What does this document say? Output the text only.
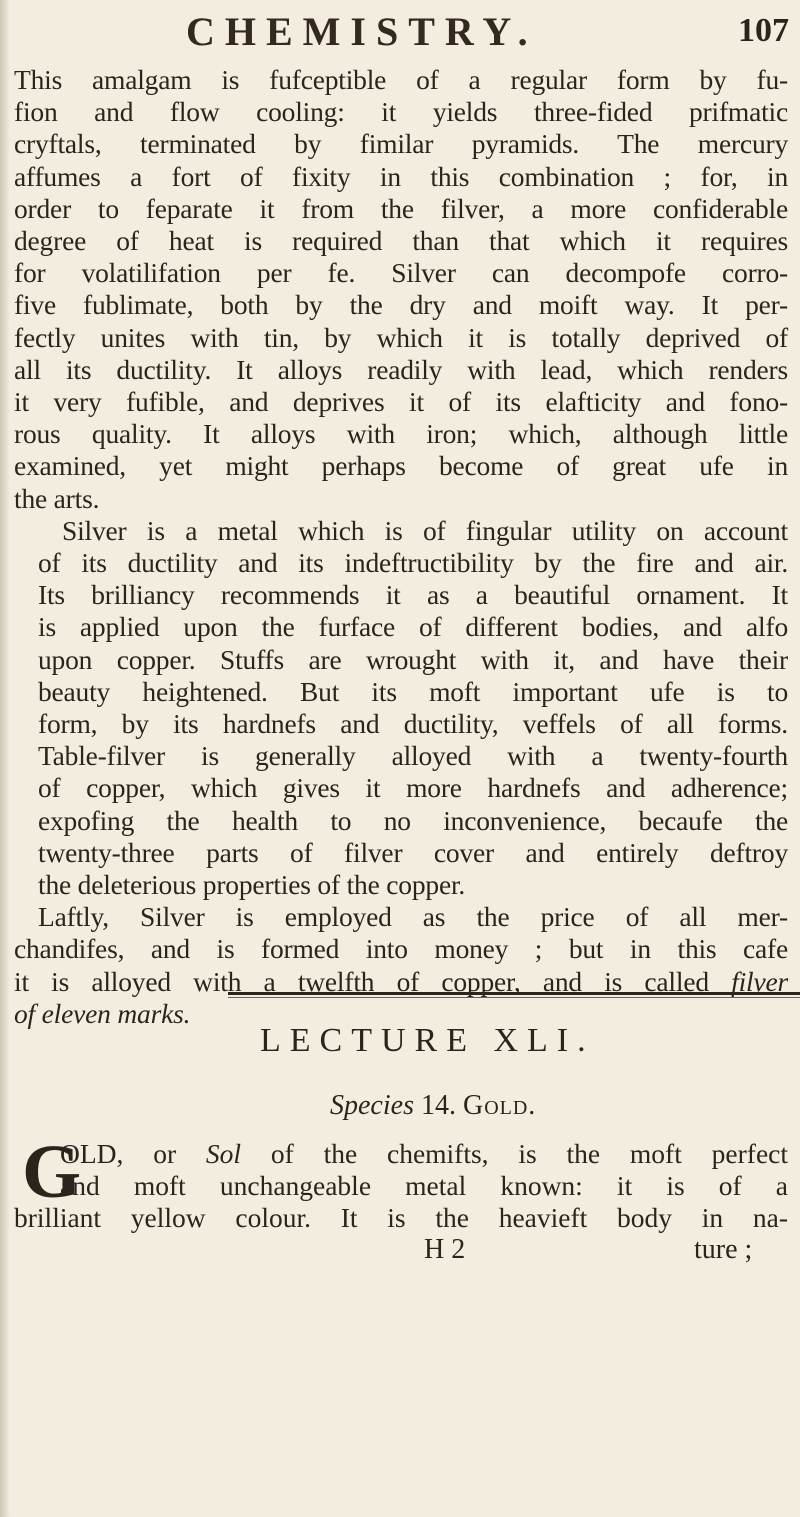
CHEMISTRY.	107

This amalgam is fufceptible of a regular form by fu-
fion and flow cooling: it yields three-fided prifmatic
cryftals, terminated by fimilar pyramids. The mercury
affumes a fort of fixity in this combination ; for, in
order to feparate it from the filver, a more confiderable
degree of heat is required than that which it requires
for volatilifation per fe. Silver can decompofe corro-
five fublimate, both by the dry and moift way. It per-
fectly unites with tin, by which it is totally deprived of
all its ductility. It alloys readily with lead, which renders
it very fufible, and deprives it of its elafticity and fono-
rous quality. It alloys with iron; which, although little
examined, yet might perhaps become of great ufe in
the arts.

Silver is a metal which is of fingular utility on account
of its ductility and its indeftructibility by the fire and air.
Its brilliancy recommends it as a beautiful ornament. It
is applied upon the furface of different bodies, and alfo
upon copper. Stuffs are wrought with it, and have their
beauty heightened. But its moft important ufe is to
form, by its hardnefs and ductility, veffels of all forms.
Table-filver is generally alloyed with a twenty-fourth
of copper, which gives it more hardnefs and adherence;
expofing the health to no inconvenience, becaufe the
twenty-three parts of filver cover and entirely deftroy
the deleterious properties of the copper.

Laftly, Silver is employed as the price of all mer-
chandifes, and is formed into money ; but in this cafe
it is alloyed with a twelfth of copper, and is called filver
of eleven marks.

LECTURE XLI.
Species 14. Gold.
G
OLD, or Sol of the chemifts, is the moft perfect
and moft unchangeable metal known: it is of a
brilliant yellow colour. It is the heavieft body in na-
H 2	ture ;
